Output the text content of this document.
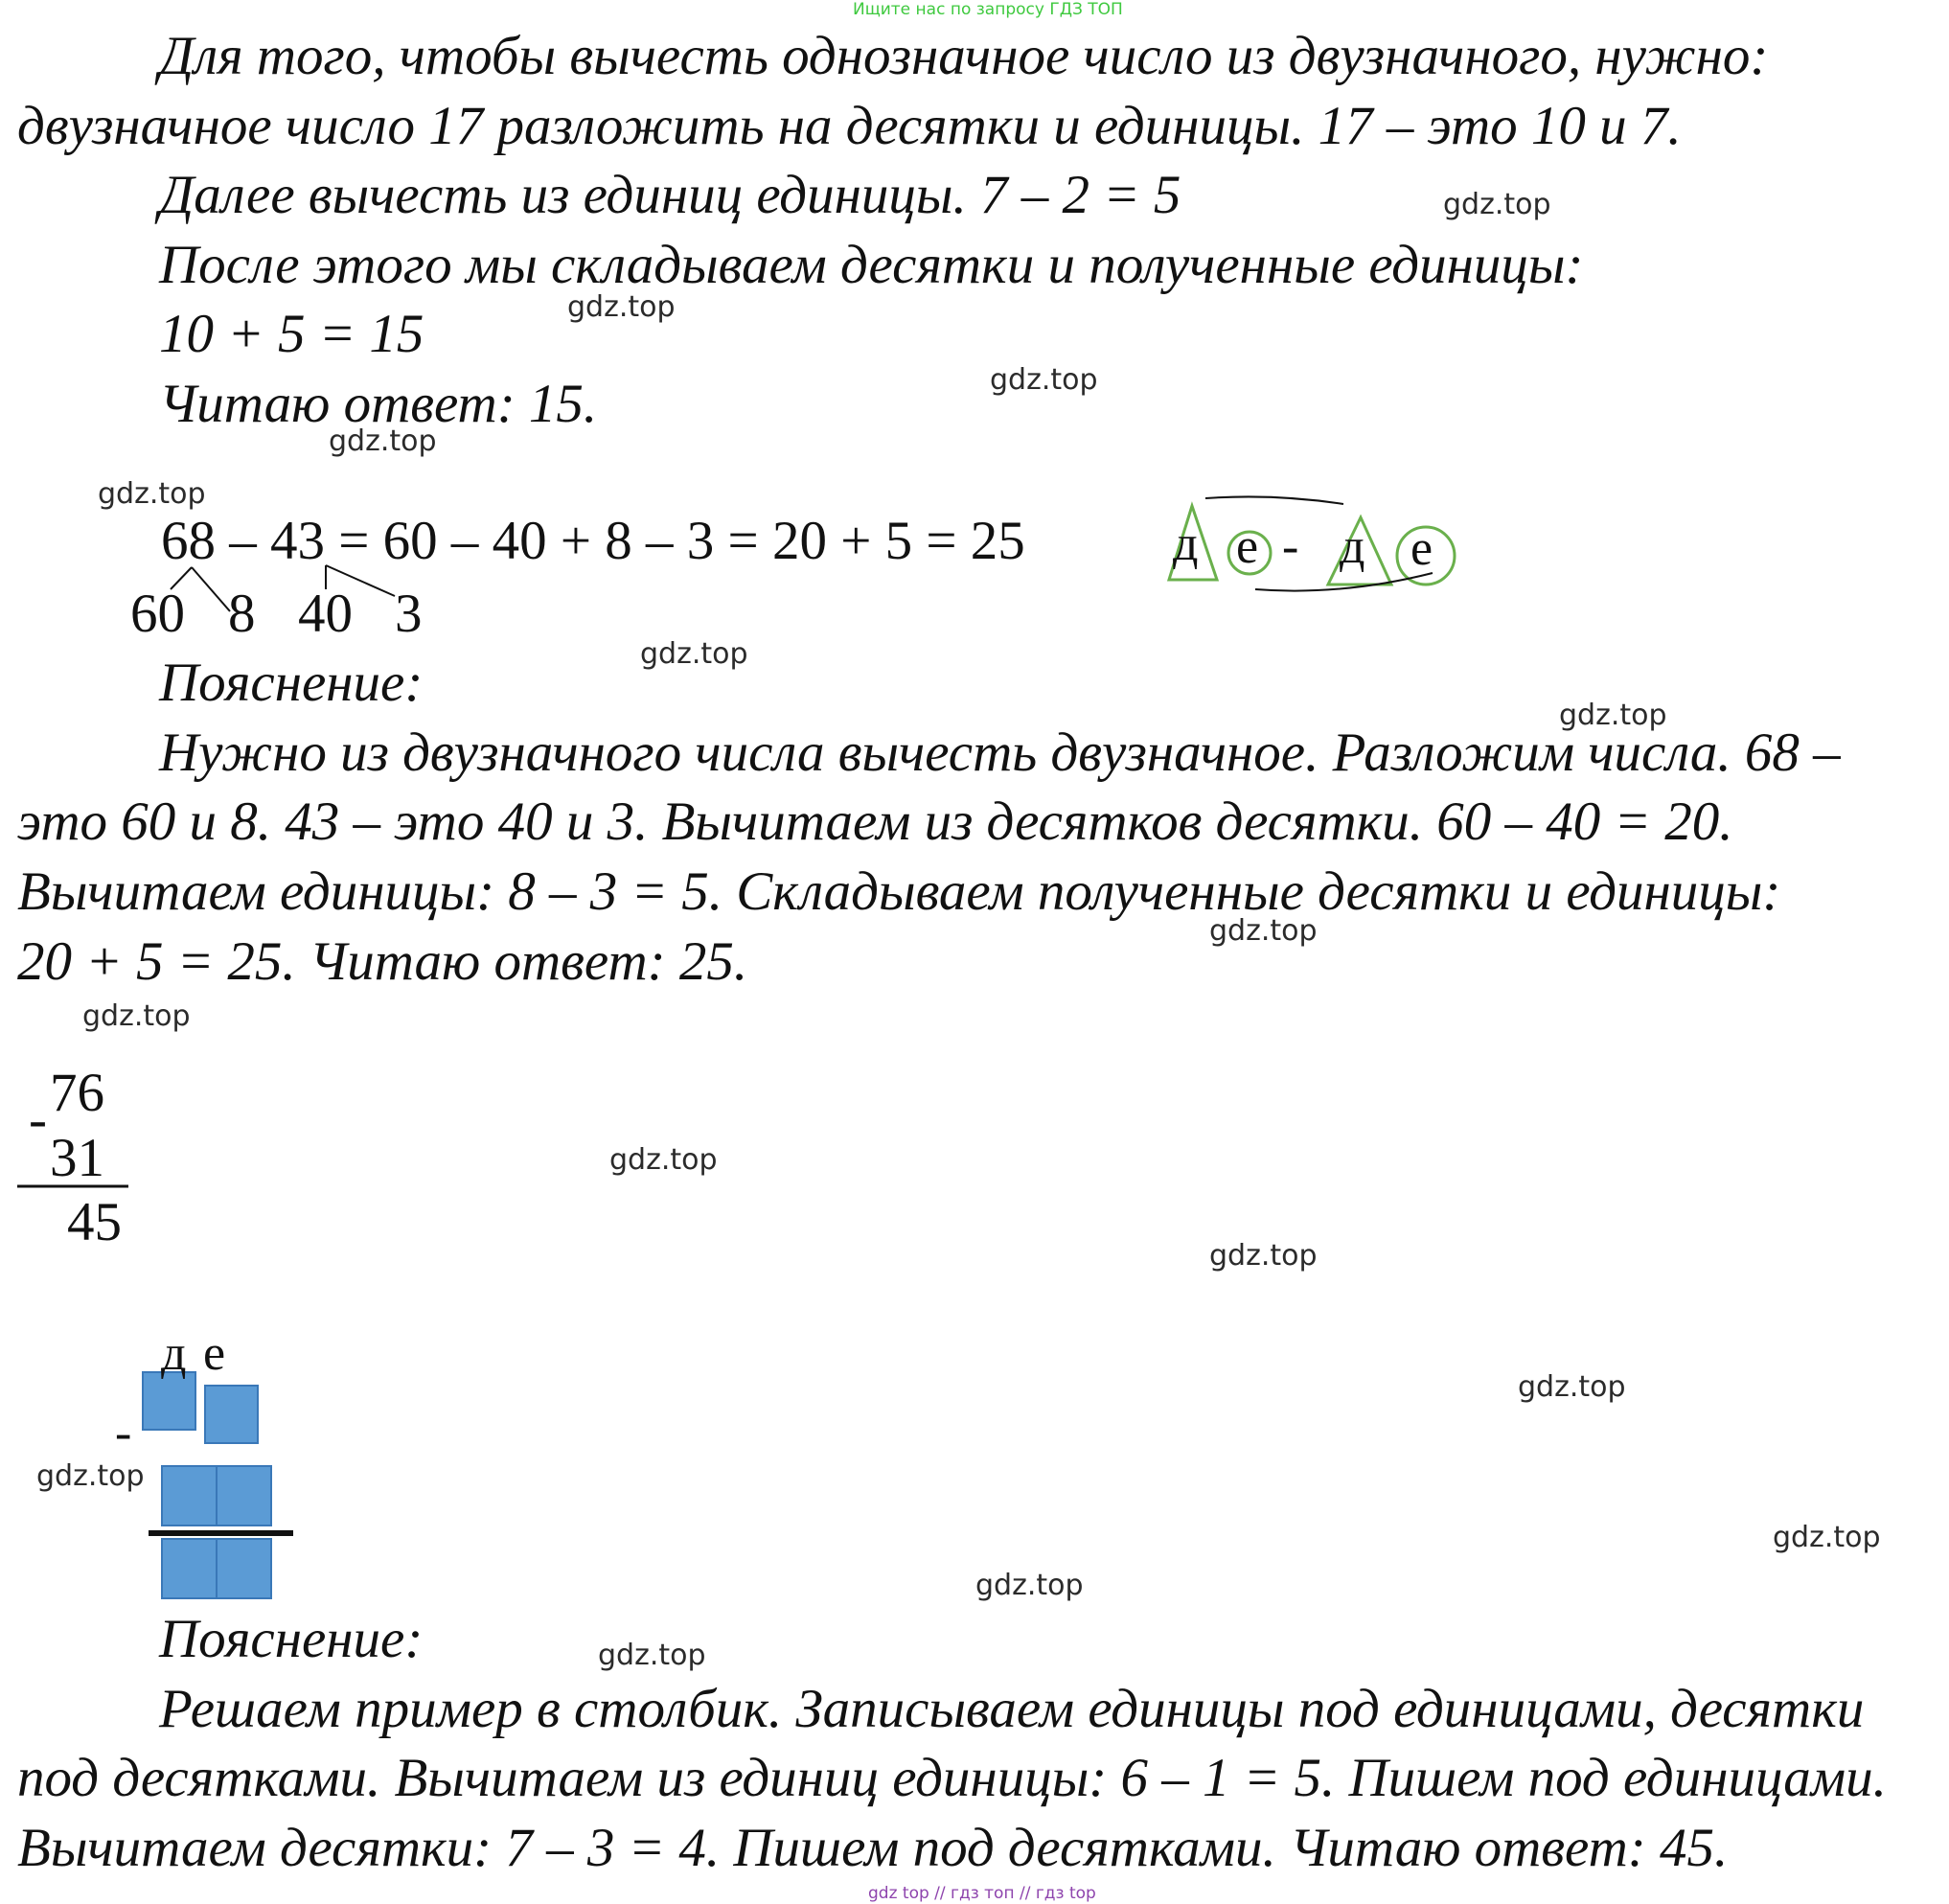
Ищите нас по запросу ГДЗ ТОП
Для того, чтобы вычесть однозначное число из двузначного, нужно:
двузначное число 17 разложить на десятки и единицы. 17 – это 10 и 7.
Далее вычесть из единиц единицы. 7 – 2 = 5
После этого мы складываем десятки и полученные единицы:
10 + 5 = 15
Читаю ответ: 15.
68 – 43 = 60 – 40 + 8 – 3 = 20 + 5 = 25
60 8 40 3
д е - д е
Пояснение:
Нужно из двузначного числа вычесть двузначное. Разложим числа. 68 –
это 60 и 8. 43 – это 40 и 3. Вычитаем из десятков десятки. 60 – 40 = 20.
Вычитаем единицы: 8 – 3 = 5. Складываем полученные десятки и единицы:
20 + 5 = 25. Читаю ответ: 25.
76
-
31
45
д е
-
Пояснение:
Решаем пример в столбик. Записываем единицы под единицами, десятки
под десятками. Вычитаем из единиц единицы: 6 – 1 = 5. Пишем под единицами.
Вычитаем десятки: 7 – 3 = 4. Пишем под десятками. Читаю ответ: 45.
gdz.top
gdz.top
gdz.top
gdz.top
gdz.top
gdz.top
gdz.top
gdz.top
gdz.top
gdz.top
gdz.top
gdz.top
gdz.top
gdz.top
gdz.top
gdz.top
gdz top // гдз топ // гдз top
